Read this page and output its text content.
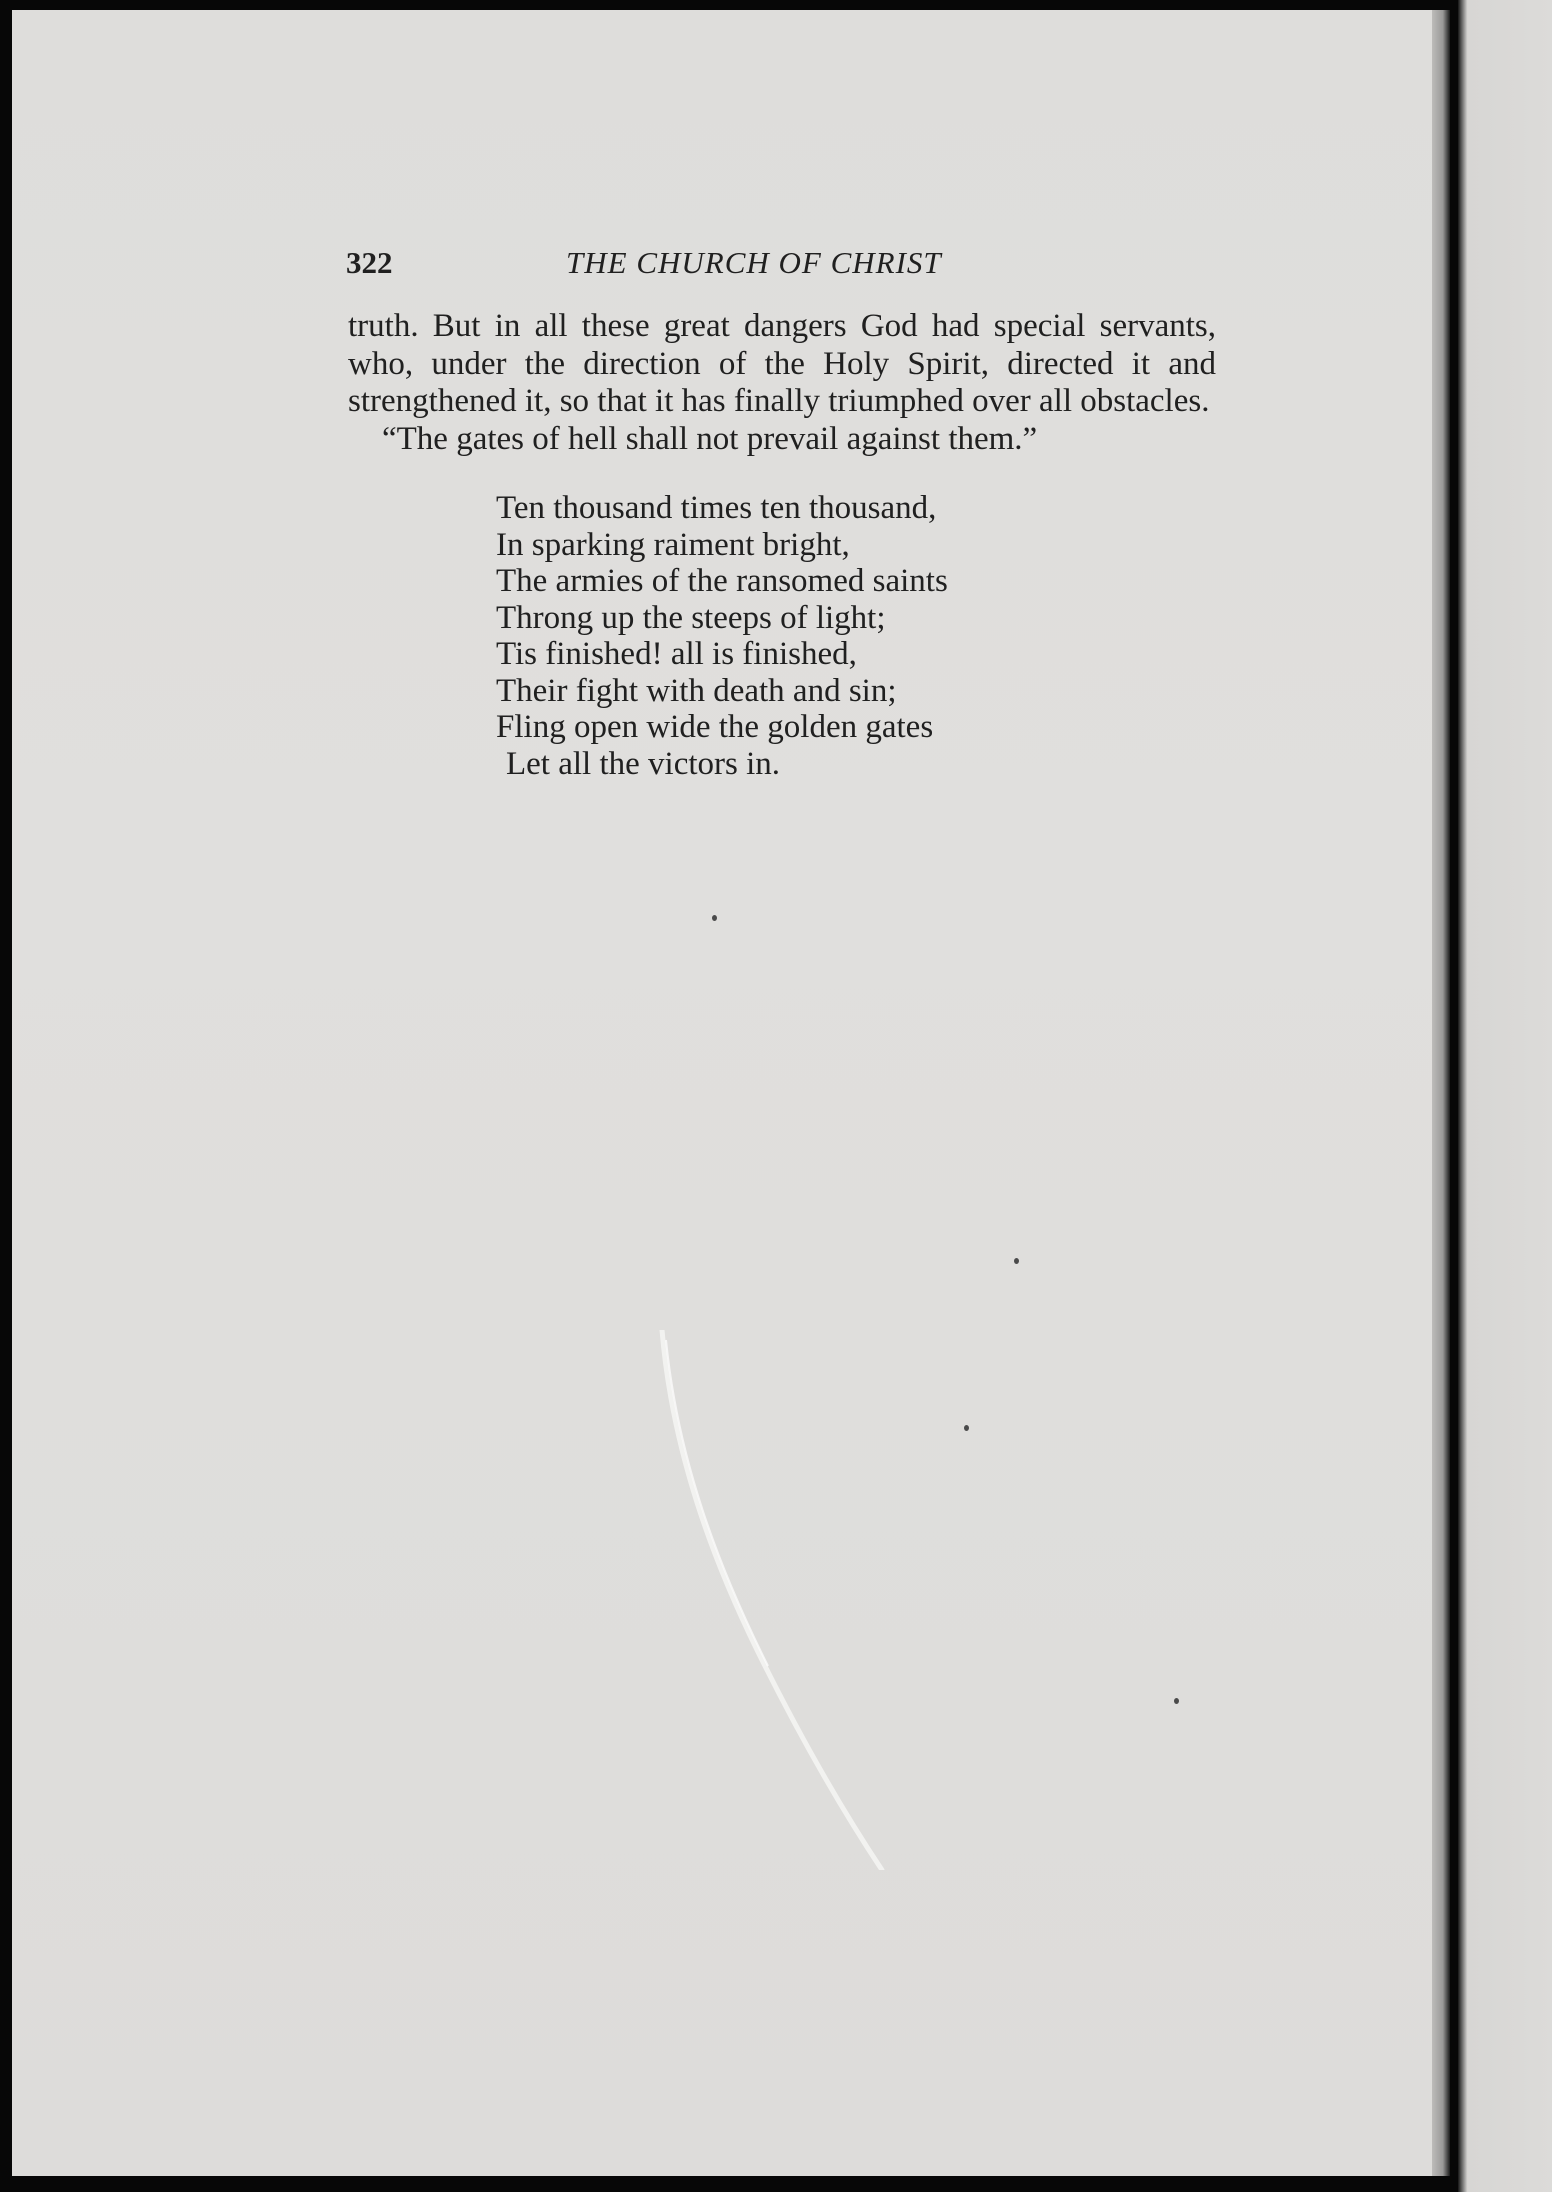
322	THE CHURCH OF CHRIST

truth. But in all these great dangers God had special servants, who, under the direction of the Holy Spirit, directed it and strengthened it, so that it has finally triumphed over all obstacles.

“The gates of hell shall not prevail against them.”

Ten thousand times ten thousand,
In sparking raiment bright,
The armies of the ransomed saints
Throng up the steeps of light;
Tis finished! all is finished,
Their fight with death and sin;
Fling open wide the golden gates
Let all the victors in.
